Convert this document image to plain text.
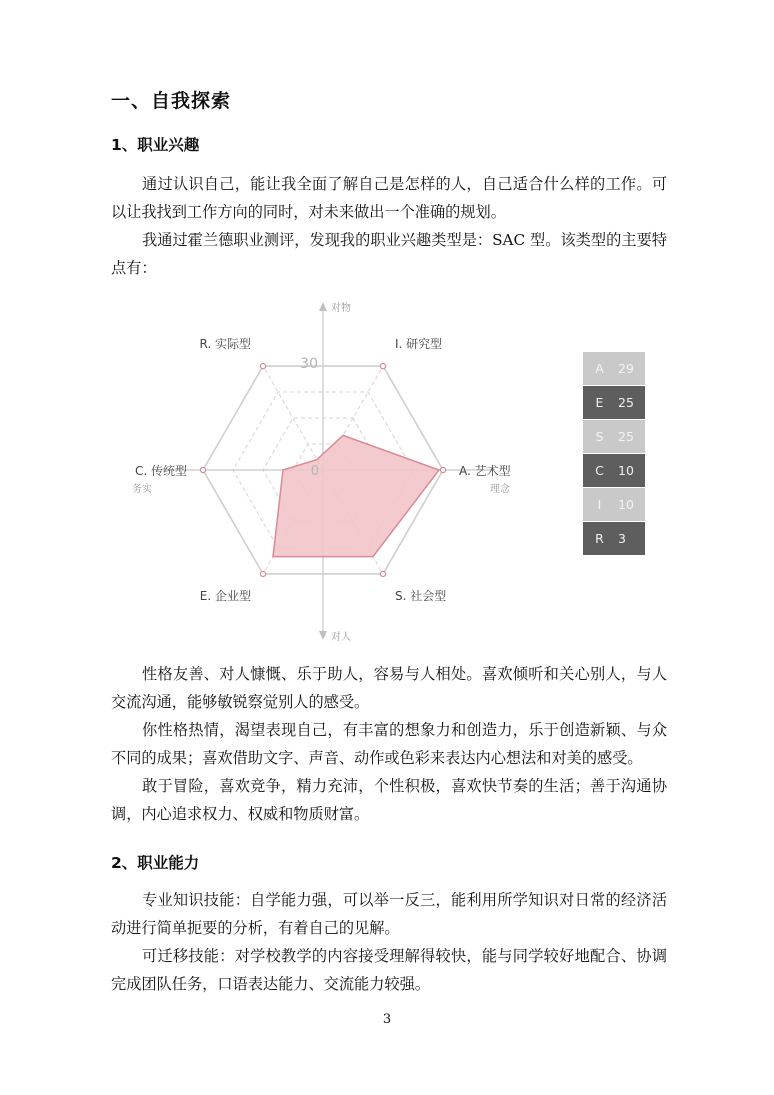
一、自我探索
1、职业兴趣

通过认识自己，能让我全面了解自己是怎样的人，自己适合什么样的工作。可以让我找到工作方向的同时，对未来做出一个准确的规划。

我通过霍兰德职业测评，发现我的职业兴趣类型是：SAC 型。该类型的主要特点有：

I. 研究型
A. 艺术型
S. 社会型
E. 企业型
C. 传统型
R. 实际型
30
0
对物
对人
务实	理念
A	29
E	25
S	25
C	10
I	10
R	3

性格友善、对人慷慨、乐于助人，容易与人相处。喜欢倾听和关心别人，与人交流沟通，能够敏锐察觉别人的感受。

你性格热情，渴望表现自己，有丰富的想象力和创造力，乐于创造新颖、与众不同的成果；喜欢借助文字、声音、动作或色彩来表达内心想法和对美的感受。

敢于冒险，喜欢竞争，精力充沛，个性积极，喜欢快节奏的生活；善于沟通协调，内心追求权力、权威和物质财富。

2、职业能力

专业知识技能：自学能力强，可以举一反三，能利用所学知识对日常的经济活动进行简单扼要的分析，有着自己的见解。

可迁移技能：对学校教学的内容接受理解得较快，能与同学较好地配合、协调完成团队任务，口语表达能力、交流能力较强。

3
